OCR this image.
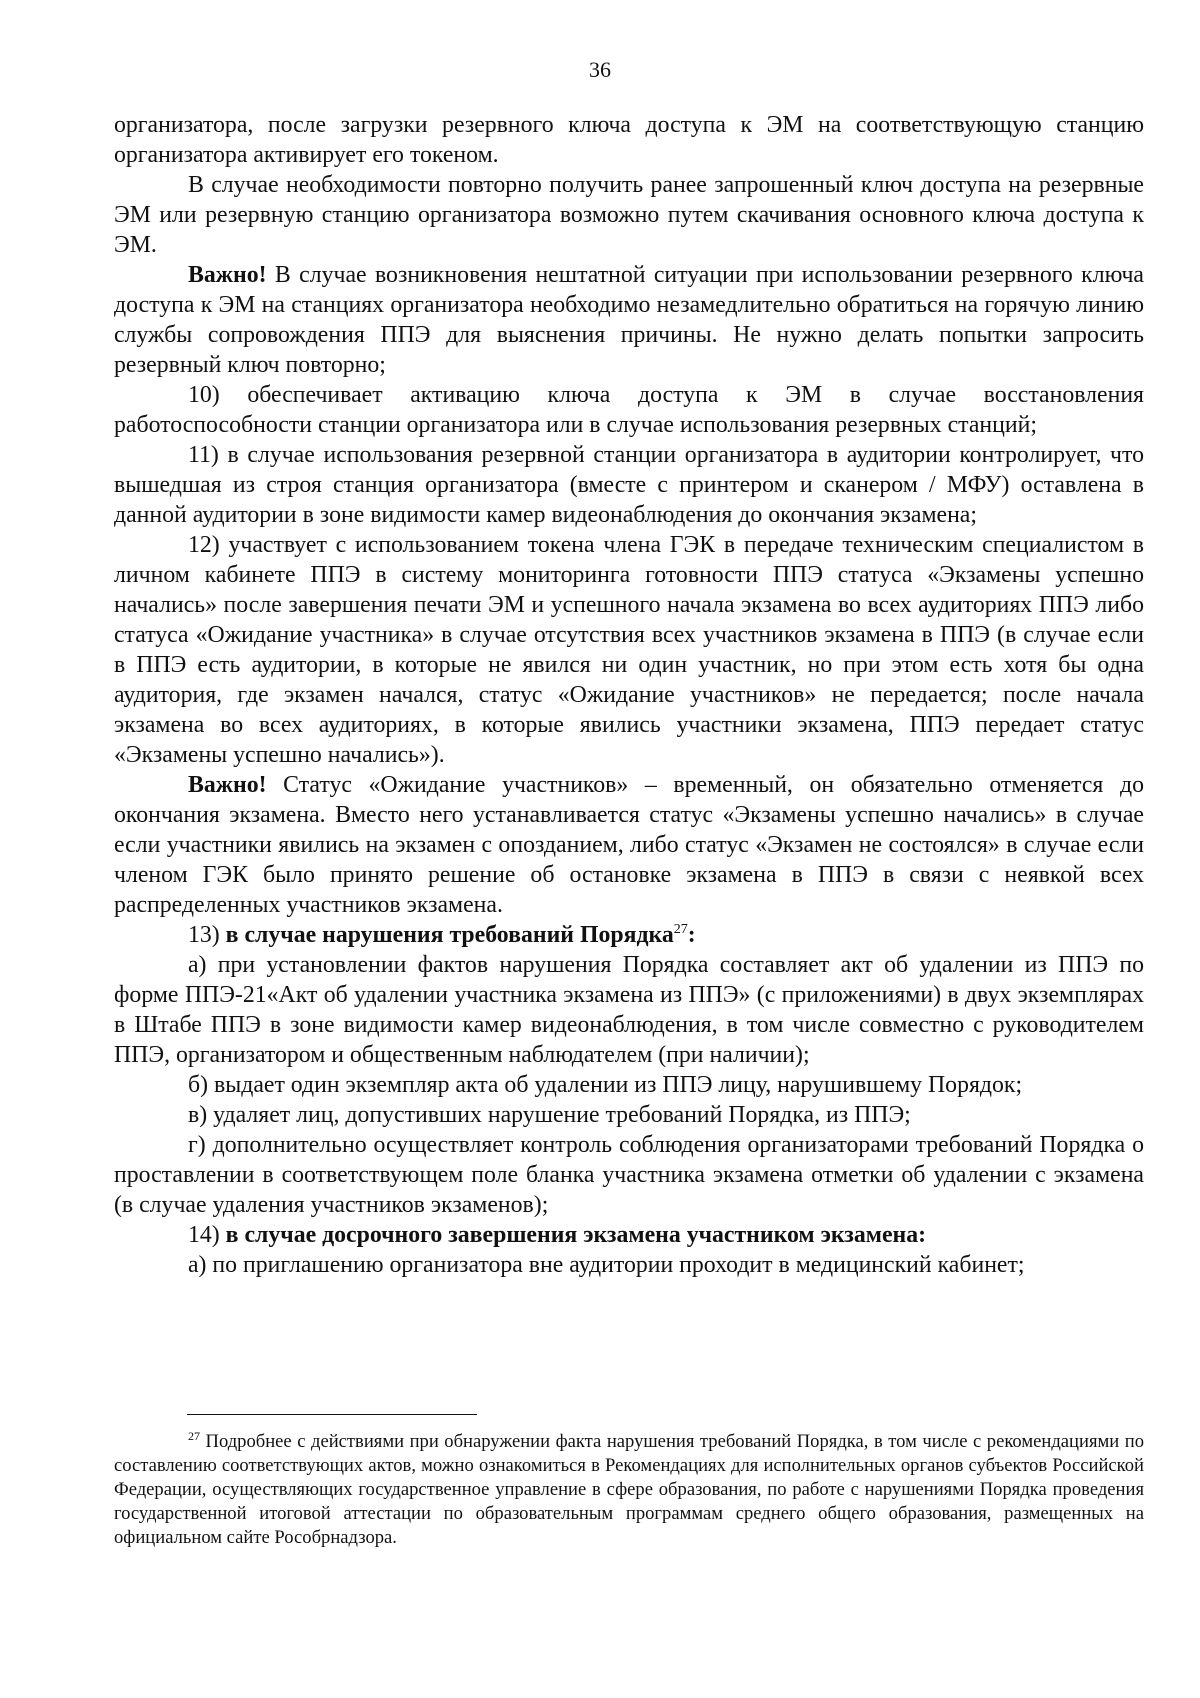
36

организатора, после загрузки резервного ключа доступа к ЭМ на соответствующую станцию организатора активирует его токеном.

В случае необходимости повторно получить ранее запрошенный ключ доступа на резервные ЭМ или резервную станцию организатора возможно путем скачивания основного ключа доступа к ЭМ.

Важно! В случае возникновения нештатной ситуации при использовании резервного ключа доступа к ЭМ на станциях организатора необходимо незамедлительно обратиться на горячую линию службы сопровождения ППЭ для выяснения причины. Не нужно делать попытки запросить резервный ключ повторно;

10) обеспечивает активацию ключа доступа к ЭМ в случае восстановления работоспособности станции организатора или в случае использования резервных станций;

11) в случае использования резервной станции организатора в аудитории контролирует, что вышедшая из строя станция организатора (вместе с принтером и сканером / МФУ) оставлена в данной аудитории в зоне видимости камер видеонаблюдения до окончания экзамена;

12) участвует с использованием токена члена ГЭК в передаче техническим специалистом в личном кабинете ППЭ в систему мониторинга готовности ППЭ статуса «Экзамены успешно начались» после завершения печати ЭМ и успешного начала экзамена во всех аудиториях ППЭ либо статуса «Ожидание участника» в случае отсутствия всех участников экзамена в ППЭ (в случае если в ППЭ есть аудитории, в которые не явился ни один участник, но при этом есть хотя бы одна аудитория, где экзамен начался, статус «Ожидание участников» не передается; после начала экзамена во всех аудиториях, в которые явились участники экзамена, ППЭ передает статус «Экзамены успешно начались»).

Важно! Статус «Ожидание участников» – временный, он обязательно отменяется до окончания экзамена. Вместо него устанавливается статус «Экзамены успешно начались» в случае если участники явились на экзамен с опозданием, либо статус «Экзамен не состоялся» в случае если членом ГЭК было принято решение об остановке экзамена в ППЭ в связи с неявкой всех распределенных участников экзамена.

13) в случае нарушения требований Порядка$^{27}$:

а) при установлении фактов нарушения Порядка составляет акт об удалении из ППЭ по форме ППЭ-21«Акт об удалении участника экзамена из ППЭ» (с приложениями) в двух экземплярах в Штабе ППЭ в зоне видимости камер видеонаблюдения, в том числе совместно с руководителем ППЭ, организатором и общественным наблюдателем (при наличии);

б) выдает один экземпляр акта об удалении из ППЭ лицу, нарушившему Порядок;

в) удаляет лиц, допустивших нарушение требований Порядка, из ППЭ;

г) дополнительно осуществляет контроль соблюдения организаторами требований Порядка о проставлении в соответствующем поле бланка участника экзамена отметки об удалении с экзамена (в случае удаления участников экзаменов);

14) в случае досрочного завершения экзамена участником экзамена:

а) по приглашению организатора вне аудитории проходит в медицинский кабинет;

$^{27}$ Подробнее с действиями при обнаружении факта нарушения требований Порядка, в том числе с рекомендациями по составлению соответствующих актов, можно ознакомиться в Рекомендациях для исполнительных органов субъектов Российской Федерации, осуществляющих государственное управление в сфере образования, по работе с нарушениями Порядка проведения государственной итоговой аттестации по образовательным программам среднего общего образования, размещенных на официальном сайте Рособрнадзора.
